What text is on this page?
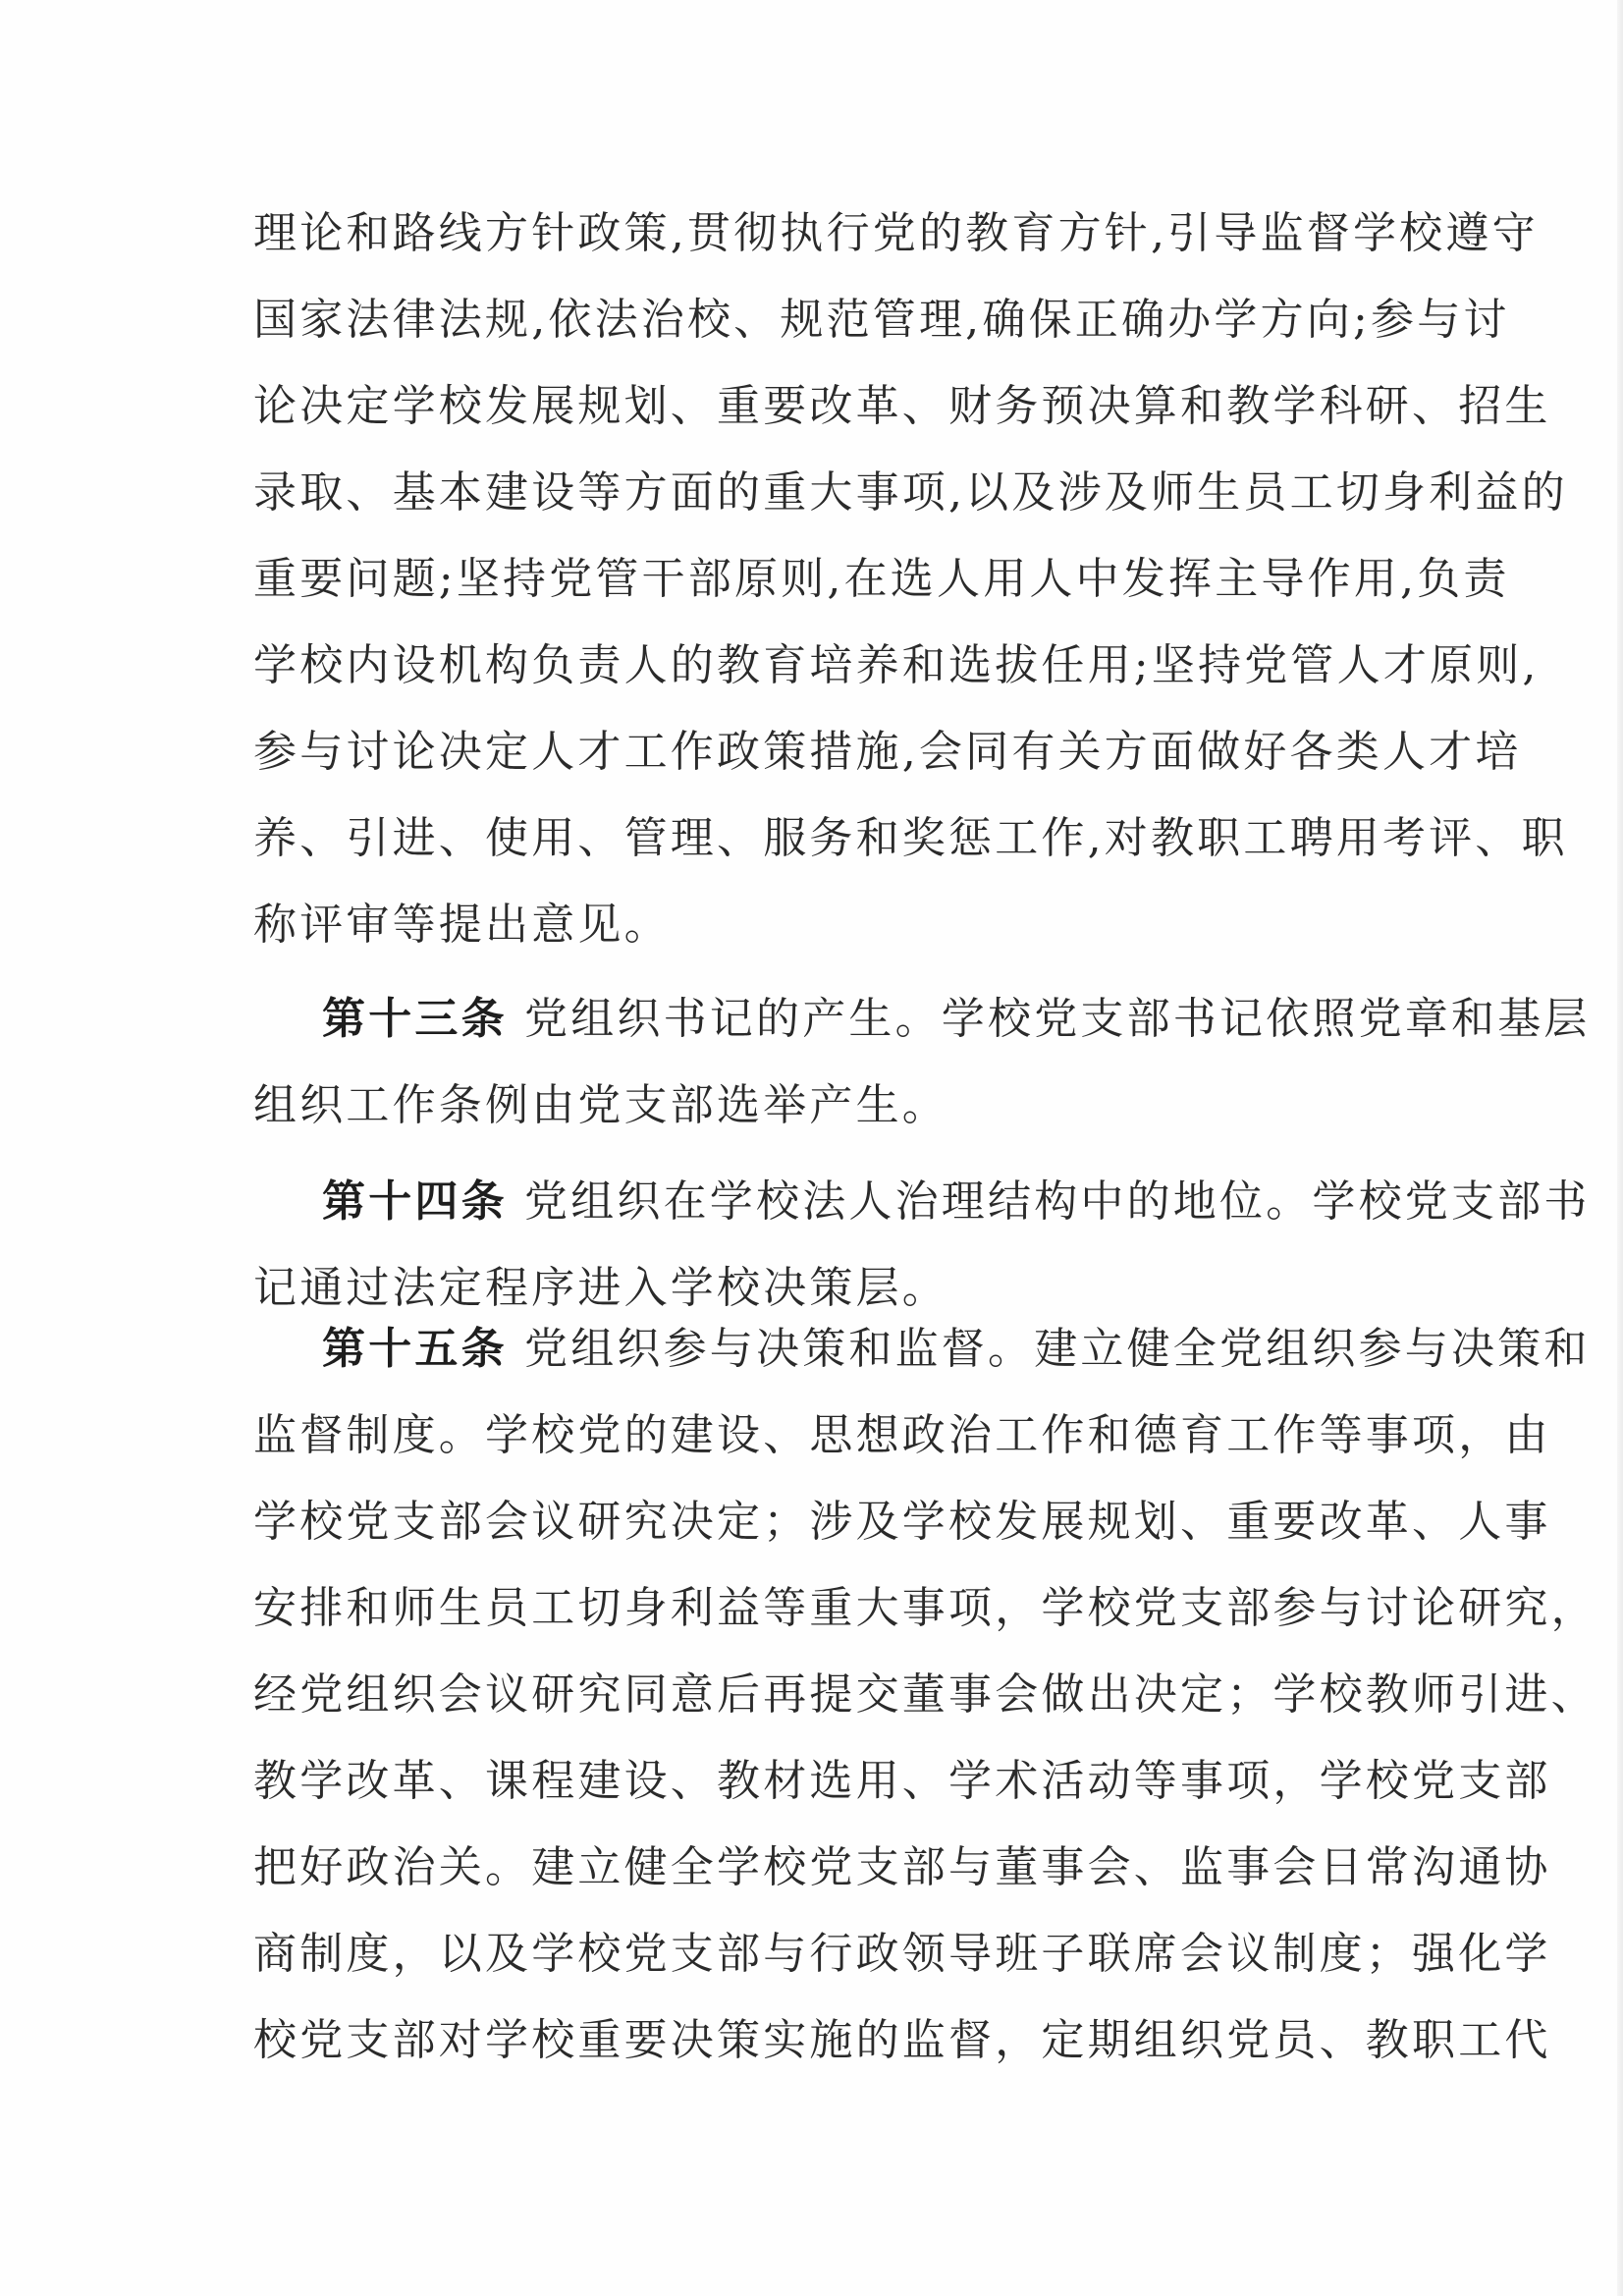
理论和路线方针政策,贯彻执行党的教育方针,引导监督学校遵守
国家法律法规,依法治校、规范管理,确保正确办学方向;参与讨
论决定学校发展规划、重要改革、财务预决算和教学科研、招生
录取、基本建设等方面的重大事项,以及涉及师生员工切身利益的
重要问题;坚持党管干部原则,在选人用人中发挥主导作用,负责
学校内设机构负责人的教育培养和选拔任用;坚持党管人才原则,
参与讨论决定人才工作政策措施,会同有关方面做好各类人才培
养、引进、使用、管理、服务和奖惩工作,对教职工聘用考评、职
称评审等提出意见。
第十三条 党组织书记的产生。学校党支部书记依照党章和基层
组织工作条例由党支部选举产生。
第十四条 党组织在学校法人治理结构中的地位。学校党支部书
记通过法定程序进入学校决策层。
第十五条 党组织参与决策和监督。建立健全党组织参与决策和
监督制度。学校党的建设、思想政治工作和德育工作等事项，由
学校党支部会议研究决定；涉及学校发展规划、重要改革、人事
安排和师生员工切身利益等重大事项，学校党支部参与讨论研究，
经党组织会议研究同意后再提交董事会做出决定；学校教师引进、
教学改革、课程建设、教材选用、学术活动等事项，学校党支部
把好政治关。建立健全学校党支部与董事会、监事会日常沟通协
商制度，以及学校党支部与行政领导班子联席会议制度；强化学
校党支部对学校重要决策实施的监督，定期组织党员、教职工代
